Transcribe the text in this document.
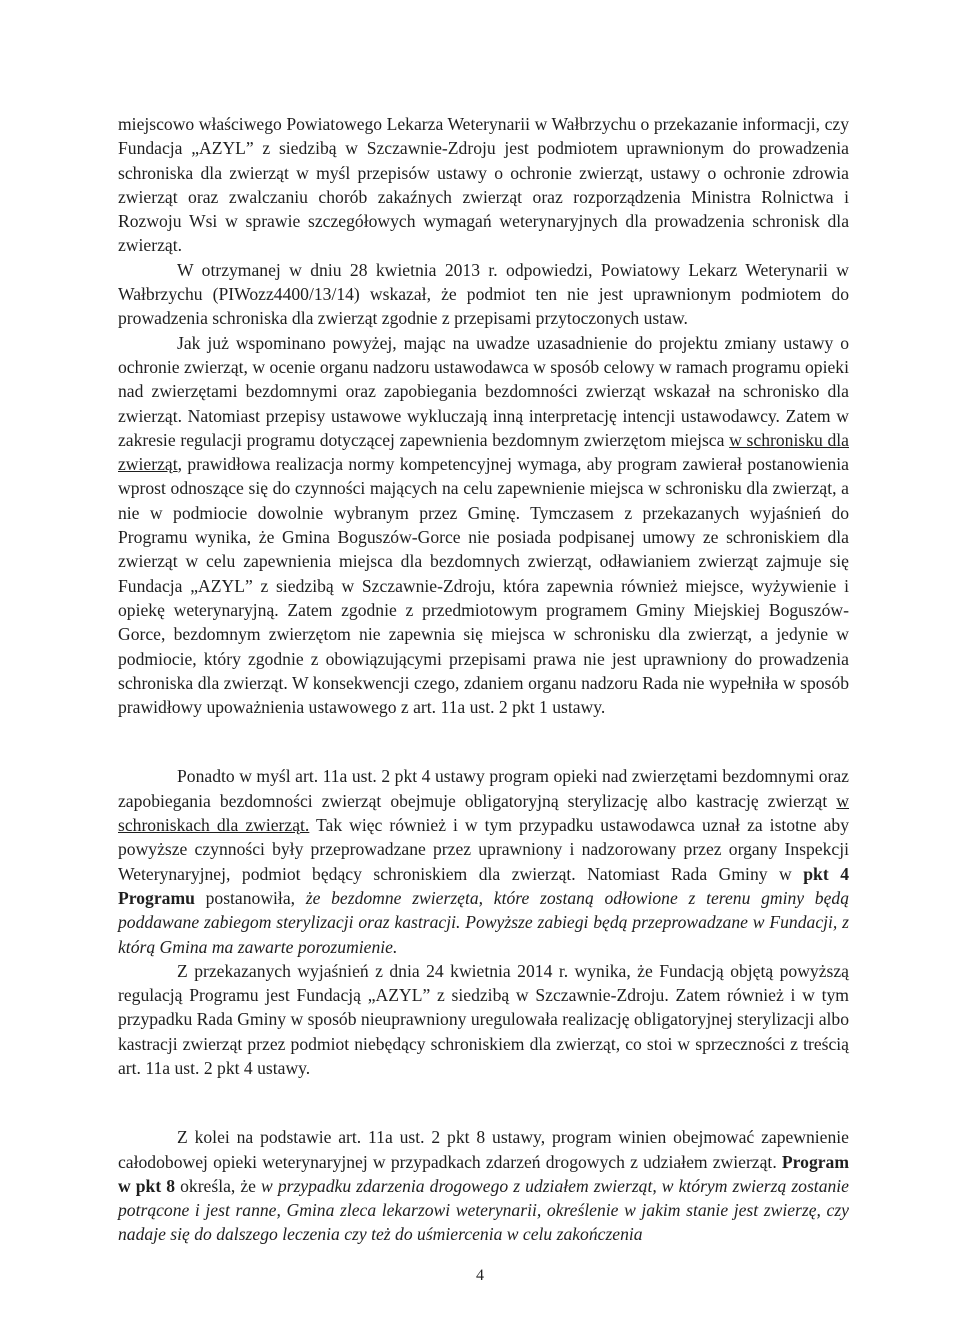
miejscowo właściwego Powiatowego Lekarza Weterynarii w Wałbrzychu o przekazanie informacji, czy Fundacja „AZYL” z siedzibą w Szczawnie-Zdroju jest podmiotem uprawnionym do prowadzenia schroniska dla zwierząt w myśl przepisów ustawy o ochronie zwierząt, ustawy o ochronie zdrowia zwierząt oraz zwalczaniu chorób zakaźnych zwierząt oraz rozporządzenia Ministra Rolnictwa i Rozwoju Wsi w sprawie szczegółowych wymagań weterynaryjnych dla prowadzenia schronisk dla zwierząt.

W otrzymanej w dniu 28 kwietnia 2013 r. odpowiedzi, Powiatowy Lekarz Weterynarii w Wałbrzychu (PIWozz4400/13/14) wskazał, że podmiot ten nie jest uprawnionym podmiotem do prowadzenia schroniska dla zwierząt zgodnie z przepisami przytoczonych ustaw.

Jak już wspominano powyżej, mając na uwadze uzasadnienie do projektu zmiany ustawy o ochronie zwierząt, w ocenie organu nadzoru ustawodawca w sposób celowy w ramach programu opieki nad zwierzętami bezdomnymi oraz zapobiegania bezdomności zwierząt wskazał na schronisko dla zwierząt. Natomiast przepisy ustawowe wykluczają inną interpretację intencji ustawodawcy. Zatem w zakresie regulacji programu dotyczącej zapewnienia bezdomnym zwierzętom miejsca w schronisku dla zwierząt, prawidłowa realizacja normy kompetencyjnej wymaga, aby program zawierał postanowienia wprost odnoszące się do czynności mających na celu zapewnienie miejsca w schronisku dla zwierząt, a nie w podmiocie dowolnie wybranym przez Gminę. Tymczasem z przekazanych wyjaśnień do Programu wynika, że Gmina Boguszów-Gorce nie posiada podpisanej umowy ze schroniskiem dla zwierząt w celu zapewnienia miejsca dla bezdomnych zwierząt, odławianiem zwierząt zajmuje się Fundacja „AZYL” z siedzibą w Szczawnie-Zdroju, która zapewnia również miejsce, wyżywienie i opiekę weterynaryjną. Zatem zgodnie z przedmiotowym programem Gminy Miejskiej Boguszów-Gorce, bezdomnym zwierzętom nie zapewnia się miejsca w schronisku dla zwierząt, a jedynie w podmiocie, który zgodnie z obowiązującymi przepisami prawa nie jest uprawniony do prowadzenia schroniska dla zwierząt. W konsekwencji czego, zdaniem organu nadzoru Rada nie wypełniła w sposób prawidłowy upoważnienia ustawowego z art. 11a ust. 2 pkt 1 ustawy.

Ponadto w myśl art. 11a ust. 2 pkt 4 ustawy program opieki nad zwierzętami bezdomnymi oraz zapobiegania bezdomności zwierząt obejmuje obligatoryjną sterylizację albo kastrację zwierząt w schroniskach dla zwierząt. Tak więc również i w tym przypadku ustawodawca uznał za istotne aby powyższe czynności były przeprowadzane przez uprawniony i nadzorowany przez organy Inspekcji Weterynaryjnej, podmiot będący schroniskiem dla zwierząt. Natomiast Rada Gminy w pkt 4 Programu postanowiła, że bezdomne zwierzęta, które zostaną odłowione z terenu gminy będą poddawane zabiegom sterylizacji oraz kastracji. Powyższe zabiegi będą przeprowadzane w Fundacji, z którą Gmina ma zawarte porozumienie.

Z przekazanych wyjaśnień z dnia 24 kwietnia 2014 r. wynika, że Fundacją objętą powyższą regulacją Programu jest Fundacją „AZYL” z siedzibą w Szczawnie-Zdroju. Zatem również i w tym przypadku Rada Gminy w sposób nieuprawniony uregulowała realizację obligatoryjnej sterylizacji albo kastracji zwierząt przez podmiot niebędący schroniskiem dla zwierząt, co stoi w sprzeczności z treścią art. 11a ust. 2 pkt 4 ustawy.

Z kolei na podstawie art. 11a ust. 2 pkt 8 ustawy, program winien obejmować zapewnienie całodobowej opieki weterynaryjnej w przypadkach zdarzeń drogowych z udziałem zwierząt. Program w pkt 8 określa, że w przypadku zdarzenia drogowego z udziałem zwierząt, w którym zwierzą zostanie potrącone i jest ranne, Gmina zleca lekarzowi weterynarii, określenie w jakim stanie jest zwierzę, czy nadaje się do dalszego leczenia czy też do uśmiercenia w celu zakończenia

4
